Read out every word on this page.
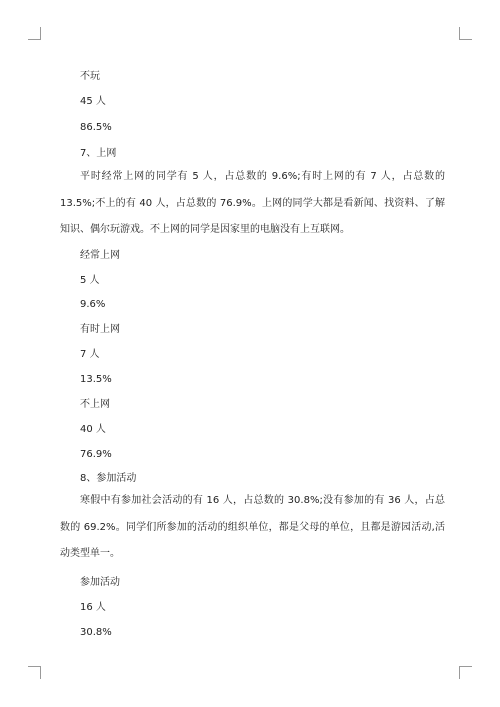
不玩
45 人
86.5%
7、上网
平时经常上网的同学有 5 人，占总数的 9.6%;有时上网的有 7 人，占总数的 13.5%;不上的有 40 人，占总数的 76.9%。上网的同学大都是看新闻、找资料、了解知识、偶尔玩游戏。不上网的同学是因家里的电脑没有上互联网。
经常上网
5 人
9.6%
有时上网
7 人
13.5%
不上网
40 人
76.9%
8、参加活动
寒假中有参加社会活动的有 16 人，占总数的 30.8%;没有参加的有 36 人，占总数的 69.2%。同学们所参加的活动的组织单位，都是父母的单位，且都是游园活动,活动类型单一。
参加活动
16 人
30.8%
